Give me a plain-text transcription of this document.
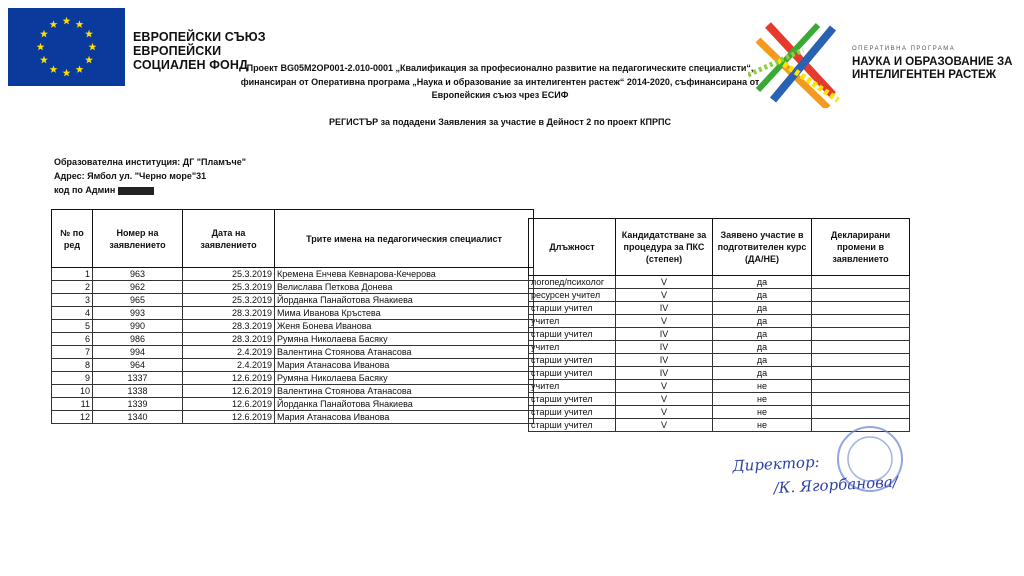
ЕВРОПЕЙСКИ СЪЮЗ
ЕВРОПЕЙСКИ
СОЦИАЛЕН ФОНД
ОПЕРАТИВНА ПРОГРАМА
НАУКА И ОБРАЗОВАНИЕ ЗА ИНТЕЛИГЕНТЕН РАСТЕЖ
Проект BG05M2OP001-2.010-0001 „Квалификация за професионално развитие на педагогическите специалисти“, финансиран от Оперативна програма „Наука и образование за интелигентен растеж“ 2014-2020, съфинансирана от Европейския съюз чрез ЕСИФ
РЕГИСТЪР за подадени Заявления за участие в Дейност 2 по проект КПРПС
Образователна институция: ДГ "Пламъче"
Адрес: Ямбол ул. "Черно море"31
код по Админ
№ по ред	Номер на заявлението	Дата на заявлението	Трите имена на педагогическия специалист
1	963	25.3.2019	Кремена Енчева Кевнарова-Кечерова
2	962	25.3.2019	Велислава Петкова Донева
3	965	25.3.2019	Йорданка Панайотова Янакиева
4	993	28.3.2019	Мима Иванова Кръстева
5	990	28.3.2019	Женя Бонева Иванова
6	986	28.3.2019	Румяна Николаева Басяку
7	994	2.4.2019	Валентина Стоянова Атанасова
8	964	2.4.2019	Мария Атанасова Иванова
9	1337	12.6.2019	Румяна Николаева Басяку
10	1338	12.6.2019	Валентина Стоянова Атанасова
11	1339	12.6.2019	Йорданка Панайотова Янакиева
12	1340	12.6.2019	Мария Атанасова Иванова
Длъжност	Кандидатстване за процедура за ПКС (степен)	Заявено участие в подготвителен курс (ДА/НЕ)	Декларирани промени в заявлението
логопед/психолог	V	да	
ресурсен учител	V	да	
старши учител	IV	да	
учител	V	да	
старши учител	IV	да	
учител	IV	да	
старши учител	IV	да	
старши учител	IV	да	
учител	V	не	
старши учител	V	не	
старши учител	V	не	
старши учител	V	не	
Директор:
/К. Ягорбанова/
